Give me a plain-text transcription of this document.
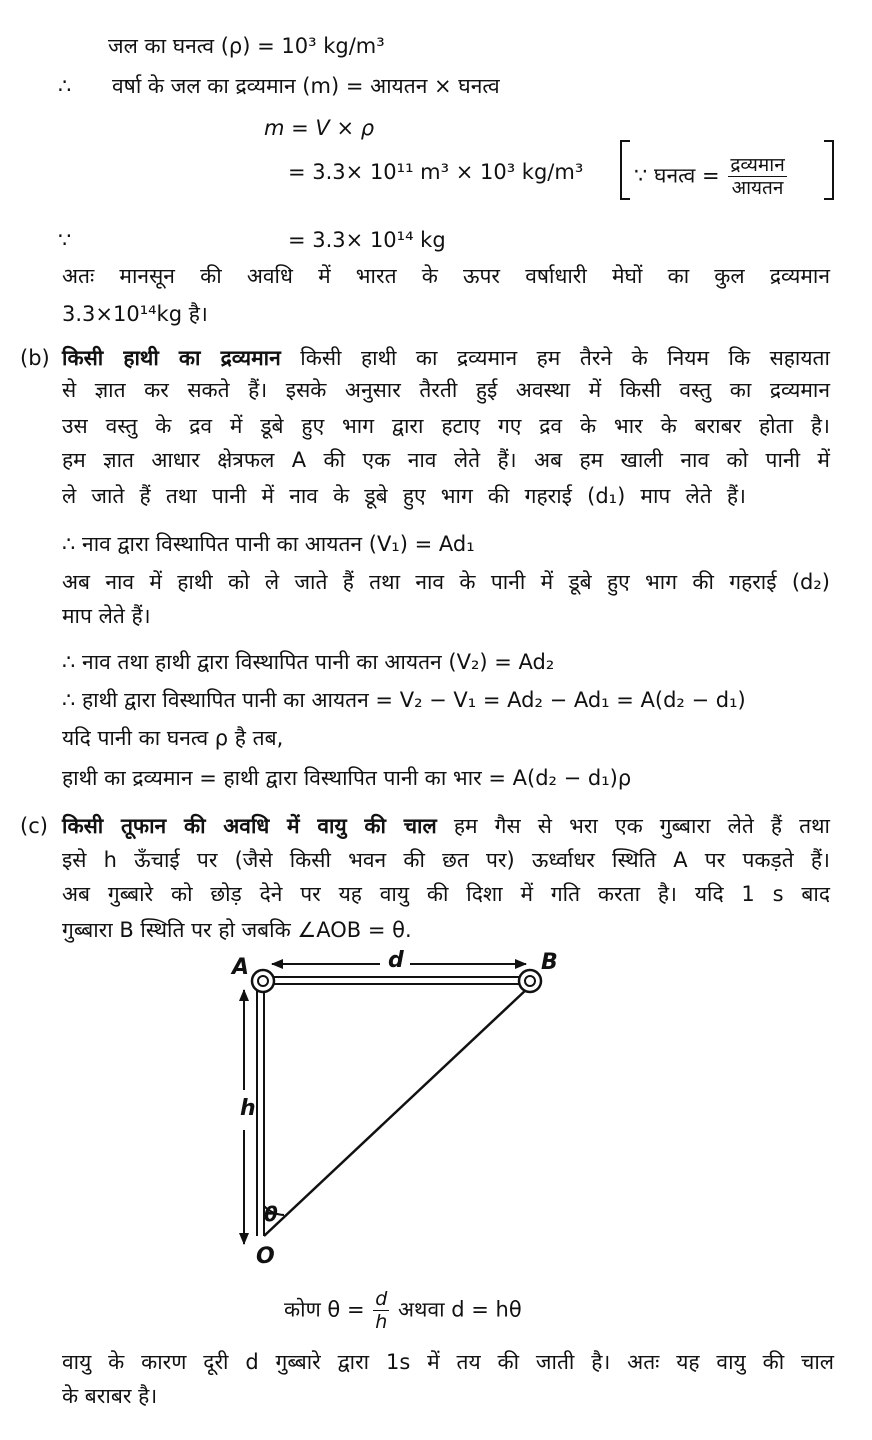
जल का घनत्व (ρ) = 10³ kg/m³
∴ वर्षा के जल का द्रव्यमान (m) = आयतन × घनत्व
m = V × ρ
= 3.3× 10¹¹ m³ × 10³ kg/m³ ∵ घनत्व = $\frac{\text{द्रव्यमान}}{\text{आयतन}}$
∵	= 3.3× 10¹⁴ kg
अतः मानसून की अवधि में भारत के ऊपर वर्षाधारी मेघों का कुल द्रव्यमान
3.3×10¹⁴kg है।
(b) किसी हाथी का द्रव्यमान किसी हाथी का द्रव्यमान हम तैरने के नियम कि सहायता
से ज्ञात कर सकते हैं। इसके अनुसार तैरती हुई अवस्था में किसी वस्तु का द्रव्यमान
उस वस्तु के द्रव में डूबे हुए भाग द्वारा हटाए गए द्रव के भार के बराबर होता है।
हम ज्ञात आधार क्षेत्रफल A की एक नाव लेते हैं। अब हम खाली नाव को पानी में
ले जाते हैं तथा पानी में नाव के डूबे हुए भाग की गहराई (d₁) माप लेते हैं।
∴ नाव द्वारा विस्थापित पानी का आयतन (V₁) = Ad₁
अब नाव में हाथी को ले जाते हैं तथा नाव के पानी में डूबे हुए भाग की गहराई (d₂)
माप लेते हैं।
∴ नाव तथा हाथी द्वारा विस्थापित पानी का आयतन (V₂) = Ad₂
∴ हाथी द्वारा विस्थापित पानी का आयतन = V₂ − V₁ = Ad₂ − Ad₁ = A(d₂ − d₁)
यदि पानी का घनत्व ρ है तब,
हाथी का द्रव्यमान = हाथी द्वारा विस्थापित पानी का भार = A(d₂ − d₁)ρ
(c) किसी तूफान की अवधि में वायु की चाल हम गैस से भरा एक गुब्बारा लेते हैं तथा
इसे h ऊँचाई पर (जैसे किसी भवन की छत पर) ऊर्ध्वाधर स्थिति A पर पकड़ते हैं।
अब गुब्बारे को छोड़ देने पर यह वायु की दिशा में गति करता है। यदि 1 s बाद
गुब्बारा B स्थिति पर हो जबकि ∠AOB = θ.
A	B
O
d
h
θ
कोण $\theta = \frac{d}{h}$ अथवा d = hθ
वायु के कारण दूरी d गुब्बारे द्वारा 1s में तय की जाती है। अतः यह वायु की चाल
के बराबर है।
